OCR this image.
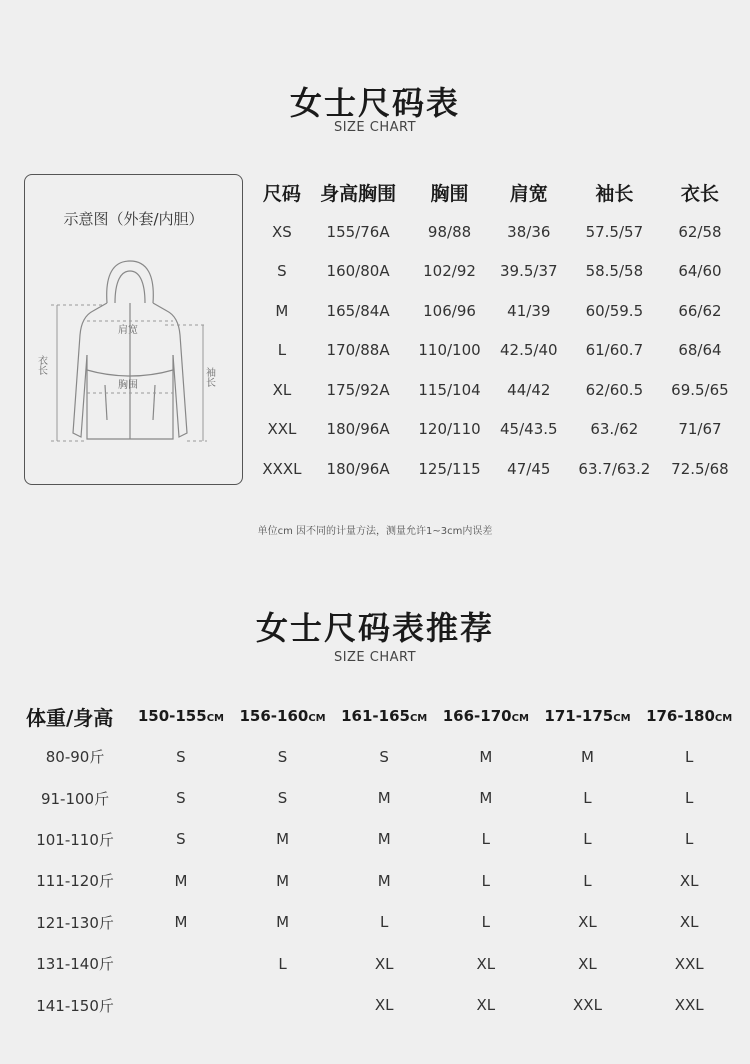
女士尺码表
SIZE CHART
示意图（外套/内胆）
肩宽
胸围
衣长
袖长
尺码	身高胸围	胸围	肩宽	袖长	衣长
XS	155/76A	98/88	38/36	57.5/57	62/58
S	160/80A	102/92	39.5/37	58.5/58	64/60
M	165/84A	106/96	41/39	60/59.5	66/62
L	170/88A	110/100	42.5/40	61/60.7	68/64
XL	175/92A	115/104	44/42	62/60.5	69.5/65
XXL	180/96A	120/110	45/43.5	63./62	71/67
XXXL	180/96A	125/115	47/45	63.7/63.2	72.5/68
单位cm 因不同的计量方法，测量允许1~3cm内误差
女士尺码表推荐
SIZE CHART
体重/身高	150-155CM	156-160CM	161-165CM	166-170CM	171-175CM	176-180CM
80-90斤	S	S	S	M	M	L
91-100斤	S	S	M	M	L	L
101-110斤	S	M	M	L	L	L
111-120斤	M	M	M	L	L	XL
121-130斤	M	M	L	L	XL	XL
131-140斤		L	XL	XL	XL	XXL
141-150斤			XL	XL	XXL	XXL
